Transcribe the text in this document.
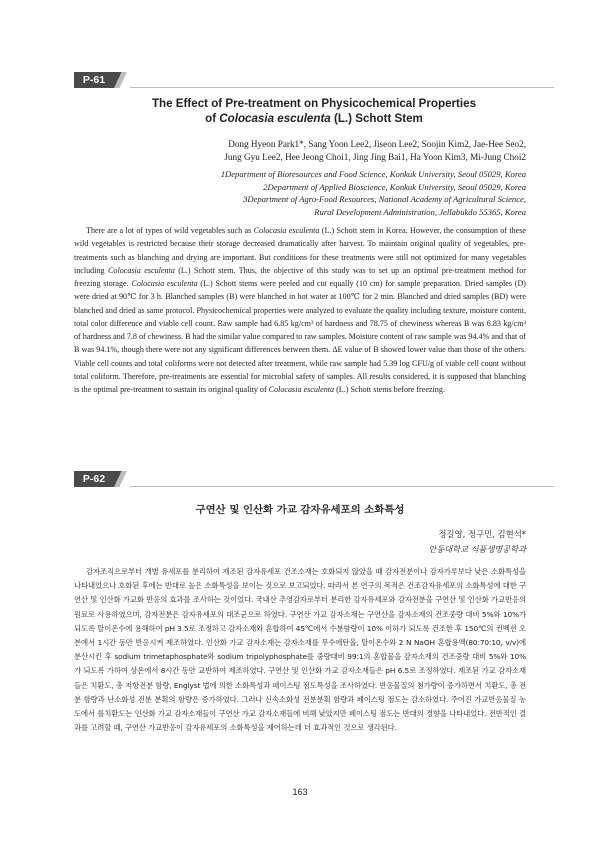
P-61
The Effect of Pre-treatment on Physicochemical Properties
of Colocasia esculenta (L.) Schott Stem
Dong Hyeon Park1*, Sang Yoon Lee2, Jiseon Lee2, Soojin Kim2, Jae-Hee Seo2,
Jung Gyu Lee2, Hee Jeong Choi1, Jing Jing Bai1, Ha Yoon Kim3, Mi-Jung Choi2
1Department of Bioresources and Food Science, Konkuk University, Seoul 05029, Korea
2Department of Applied Bioscience, Konkuk University, Seoul 05029, Korea
3Department of Agro-Food Resources, National Academy of Agricultural Science,
Rural Development Administration, Jellabukdo 55365, Korea

There are a lot of types of wild vegetables such as Colocasia esculenta (L.) Schott stem in Korea. However, the consumption of these wild vegetables is restricted because their storage decreased dramatically after harvest. To maintain original quality of vegetables, pre-treatments such as blanching and drying are important. But conditions for these treatments were still not optimized for many vegetables including Colocasia esculenta (L.) Schott stem. Thus, the objective of this study was to set up an optimal pre-treatment method for freezing storage. Colocasia esculenta (L.) Schott stems were peeled and cut equally (10 cm) for sample preparation. Dried samples (D) were dried at 90℃ for 3 h. Blanched samples (B) were blanched in hot water at 100℃ for 2 min. Blanched and dried samples (BD) were blanched and dried as same protocol. Physicochemical properties were analyzed to evaluate the quality including texture, moisture content, total color difference and viable cell count. Raw sample had 6.85 kg/cm³ of hardness and 78.75 of chewiness whereas B was 6.83 kg/cm³ of hardness and 7.8 of chewiness. B had the similar value compared to raw samples. Moisture content of raw sample was 94.4% and that of B was 94.1%, though there were not any significant differences between them. ΔE value of B showed lower value than those of the others. Viable cell counts and total coliforms were not detected after treatment, while raw sample had 5.39 log CFU/g of viable cell count without total coliform. Therefore, pre-treatments are essential for microbial safety of samples. All results considered, it is supposed that blanching is the optimal pre-treatment to sustain its original quality of Colocasia esculenta (L.) Schott stems before freezing.

P-62
구연산 및 인산화 가교 감자유세포의 소화특성
정길영, 정구민, 김현석*
안동대학교 식품생명공학과

감자조직으로부터 개별 유세포를 분리하여 제조된 감자유세포 건조소재는 호화되지 않았을 때 감자전분이나 감자가루보다 낮은 소화특성을 나타내었으나 호화된 후에는 반대로 높은 소화특성을 보이는 것으로 보고되었다. 따라서 본 연구의 목적은 건조감자유세포의 소화특성에 대한 구연산 및 인산화 가교화 반응의 효과를 조사하는 것이었다. 국내산 추영감자로부터 분리한 감자유세포와 감자전분을 구연산 및 인산화 가교반응의 원료로 사용하였으며, 감자전분은 감자유세포의 대조군으로 하였다. 구연산 가교 감자소재는 구연산을 감자소재의 건조중량 대비 5%와 10%가 되도록 탈이온수에 용해하여 pH 3.5로 조정하고 감자소재와 혼합하여 45℃에서 수분함량이 10% 이하가 되도록 건조한 후 150℃의 컨벡션 오븐에서 1시간 동안 반응시켜 제조하였다. 인산화 가교 감자소재는 감자소재를 무수에탄올, 탈이온수와 2 N NaOH 혼합용액(80:70:10, v/v)에 분산시킨 후 sodium trimetaphosphate와 sodium tripolyphosphate를 중량대비 99:1의 혼합물을 감자소재의 건조중량 대비 5%와 10%가 되도록 가하여 상온에서 8시간 동안 교반하여 제조하였다. 구연산 및 인산화 가교 감자소재들은 pH 6.5로 조정하였다. 제조된 가교 감자소재들은 치환도, 총 저항전분 함량, Englyst 법에 의한 소화특성과 페이스팅 점도특성을 조사하였다. 반응물질의 첨가량이 증가하면서 치환도, 총 전분 함량과 난소화성 전분 분획의 함량은 증가하였다. 그러나 신속소화성 전분분획 함량과 페이스팅 점도는 감소하였다. 주어진 가교반응물질 농도에서 를치환도는 인산화 가교 감자소재들이 구연산 가교 감자소재들에 비해 낮았지만 페이스팅 점도는 반대의 경향을 나타내었다. 전반적인 결과를 고려할 때, 구연산 가교반응이 감자유세포의 소화특성을 제어하는데 더 효과적인 것으로 생각된다.

163
